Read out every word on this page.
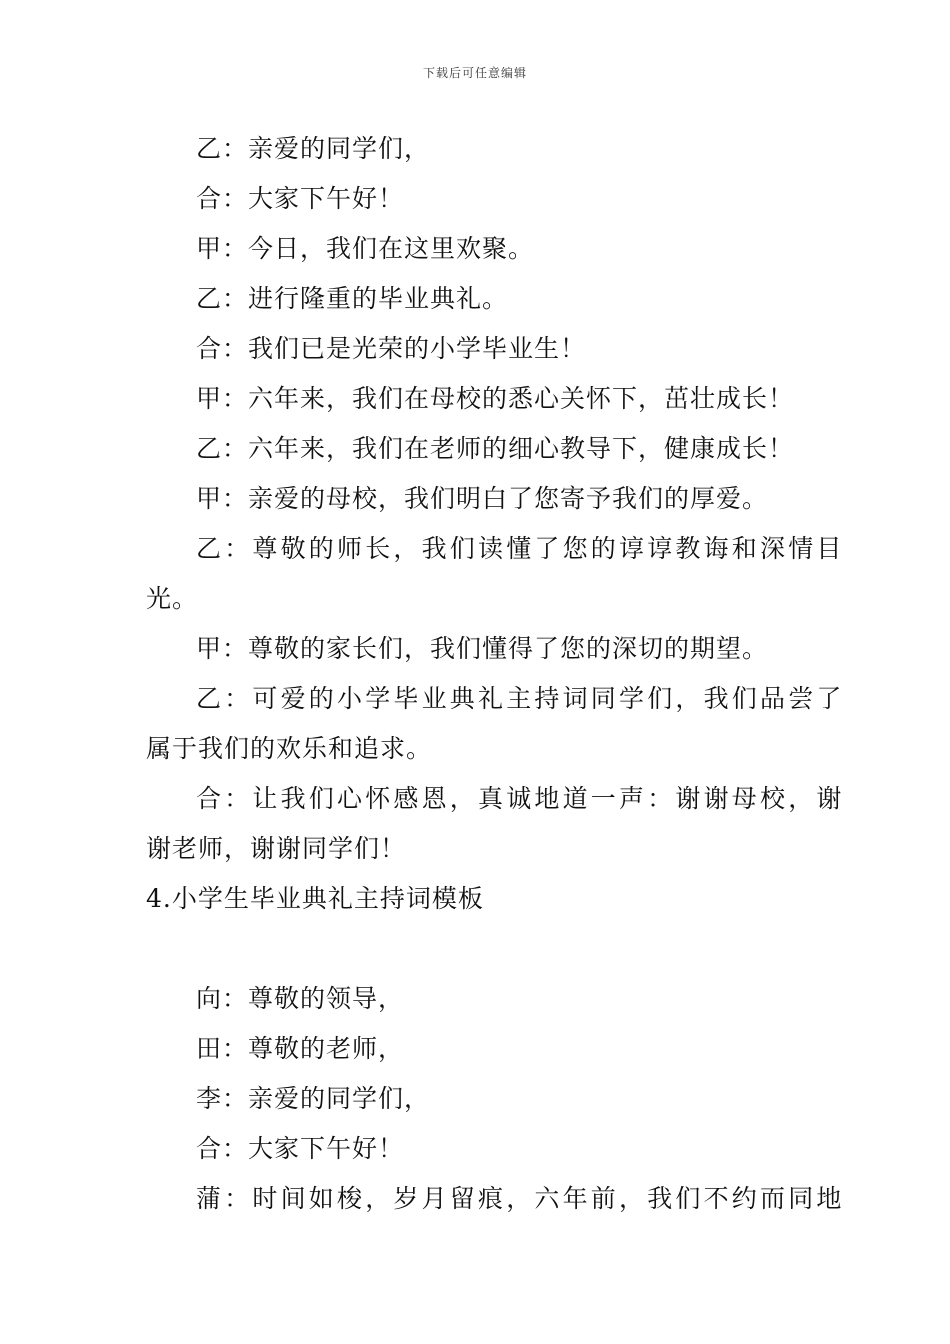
下载后可任意编辑
乙：亲爱的同学们，
合：大家下午好！
甲：今日，我们在这里欢聚。
乙：进行隆重的毕业典礼。
合：我们已是光荣的小学毕业生！
甲：六年来，我们在母校的悉心关怀下，茁壮成长！
乙：六年来，我们在老师的细心教导下，健康成长！
甲：亲爱的母校，我们明白了您寄予我们的厚爱。
乙：尊敬的师长，我们读懂了您的谆谆教诲和深情目
光。
甲：尊敬的家长们，我们懂得了您的深切的期望。
乙：可爱的小学毕业典礼主持词同学们，我们品尝了
属于我们的欢乐和追求。
合：让我们心怀感恩，真诚地道一声：谢谢母校，谢
谢老师，谢谢同学们！
4.小学生毕业典礼主持词模板
向：尊敬的领导，
田：尊敬的老师，
李：亲爱的同学们，
合：大家下午好！
蒲：时间如梭，岁月留痕，六年前，我们不约而同地
